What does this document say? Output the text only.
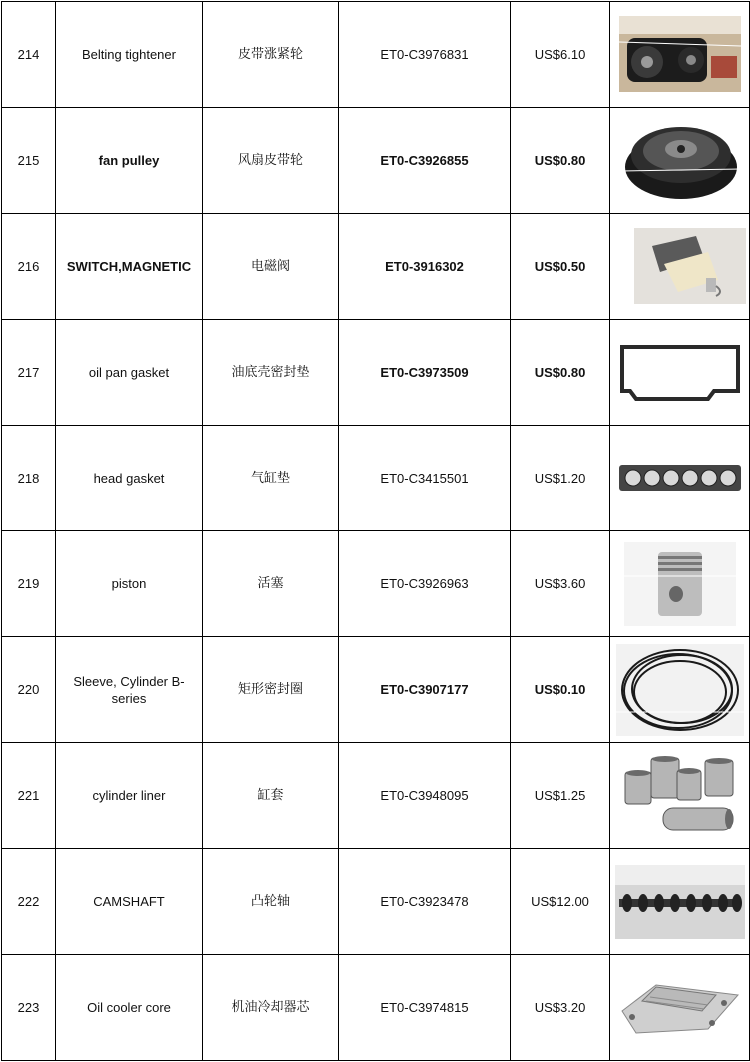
214	Belting tightener	皮带涨紧轮	ET0-C3976831	US$6.10	

215	fan pulley	风扇皮带轮	ET0-C3926855	US$0.80	

216	SWITCH,MAGNETIC	电磁阀	ET0-3916302	US$0.50	

217	oil pan gasket	油底壳密封垫	ET0-C3973509	US$0.80	

218	head gasket	气缸垫	ET0-C3415501	US$1.20	

219	piston	活塞	ET0-C3926963	US$3.60	

220	Sleeve, Cylinder B-series	矩形密封圈	ET0-C3907177	US$0.10	

221	cylinder liner	缸套	ET0-C3948095	US$1.25	

222	CAMSHAFT	凸轮轴	ET0-C3923478	US$12.00	

223	Oil cooler core	机油冷却器芯	ET0-C3974815	US$3.20	
